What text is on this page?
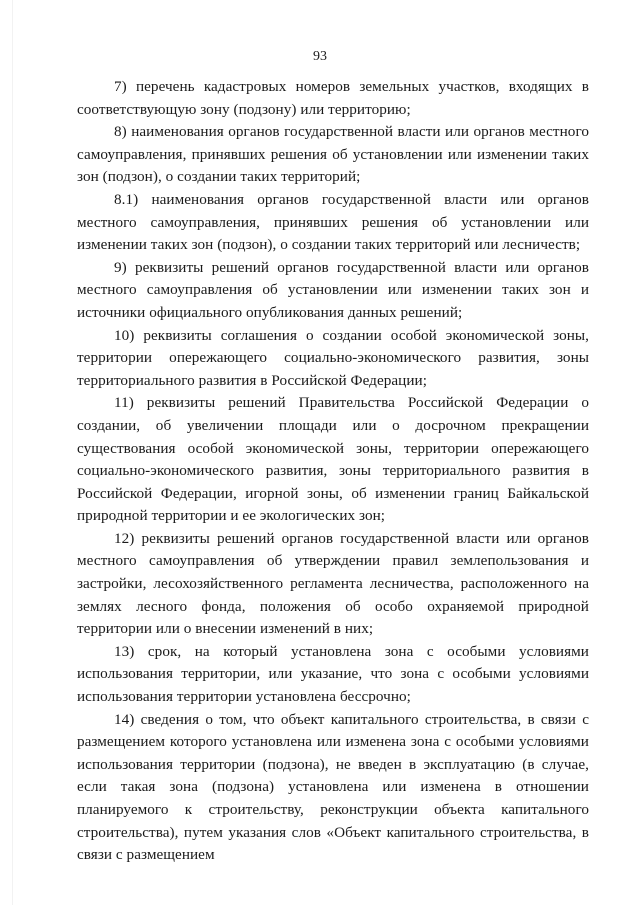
93

7) перечень кадастровых номеров земельных участков, входящих в соответствующую зону (подзону) или территорию;

8) наименования органов государственной власти или органов местного самоуправления, принявших решения об установлении или изменении таких зон (подзон), о создании таких территорий;

8.1) наименования органов государственной власти или органов местного самоуправления, принявших решения об установлении или изменении таких зон (подзон), о создании таких территорий или лесничеств;

9) реквизиты решений органов государственной власти или органов местного самоуправления об установлении или изменении таких зон и источники официального опубликования данных решений;

10) реквизиты соглашения о создании особой экономической зоны, территории опережающего социально-экономического развития, зоны территориального развития в Российской Федерации;

11) реквизиты решений Правительства Российской Федерации о создании, об увеличении площади или о досрочном прекращении существования особой экономической зоны, территории опережающего социально-экономического развития, зоны территориального развития в Российской Федерации, игорной зоны, об изменении границ Байкальской природной территории и ее экологических зон;

12) реквизиты решений органов государственной власти или органов местного самоуправления об утверждении правил землепользования и застройки, лесохозяйственного регламента лесничества, расположенного на землях лесного фонда, положения об особо охраняемой природной территории или о внесении изменений в них;

13) срок, на который установлена зона с особыми условиями использования территории, или указание, что зона с особыми условиями использования территории установлена бессрочно;

14) сведения о том, что объект капитального строительства, в связи с размещением которого установлена или изменена зона с особыми условиями использования территории (подзона), не введен в эксплуатацию (в случае, если такая зона (подзона) установлена или изменена в отношении планируемого к строительству, реконструкции объекта капитального строительства), путем указания слов «Объект капитального строительства, в связи с размещением
